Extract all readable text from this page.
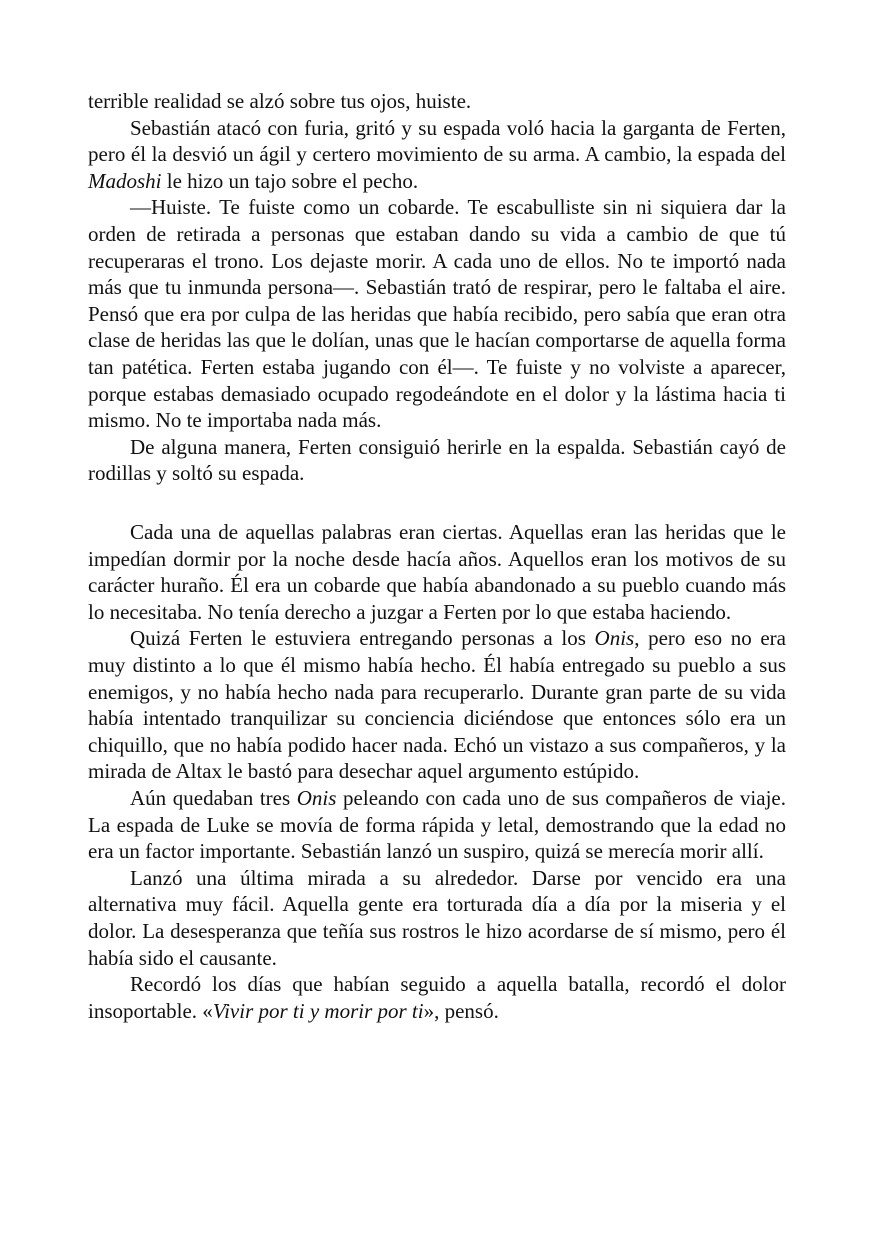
terrible realidad se alzó sobre tus ojos, huiste.

Sebastián atacó con furia, gritó y su espada voló hacia la garganta de Ferten, pero él la desvió un ágil y certero movimiento de su arma. A cambio, la espada del Madoshi le hizo un tajo sobre el pecho.

—Huiste. Te fuiste como un cobarde. Te escabulliste sin ni siquiera dar la orden de retirada a personas que estaban dando su vida a cambio de que tú recuperaras el trono. Los dejaste morir. A cada uno de ellos. No te importó nada más que tu inmunda persona—. Sebastián trató de respirar, pero le faltaba el aire. Pensó que era por culpa de las heridas que había recibido, pero sabía que eran otra clase de heridas las que le dolían, unas que le hacían comportarse de aquella forma tan patética. Ferten estaba jugando con él—. Te fuiste y no volviste a aparecer, porque estabas demasiado ocupado regodeándote en el dolor y la lástima hacia ti mismo. No te importaba nada más.

De alguna manera, Ferten consiguió herirle en la espalda. Sebastián cayó de rodillas y soltó su espada.

Cada una de aquellas palabras eran ciertas. Aquellas eran las heridas que le impedían dormir por la noche desde hacía años. Aquellos eran los motivos de su carácter huraño. Él era un cobarde que había abandonado a su pueblo cuando más lo necesitaba. No tenía derecho a juzgar a Ferten por lo que estaba haciendo.

Quizá Ferten le estuviera entregando personas a los Onis, pero eso no era muy distinto a lo que él mismo había hecho. Él había entregado su pueblo a sus enemigos, y no había hecho nada para recuperarlo. Durante gran parte de su vida había intentado tranquilizar su conciencia diciéndose que entonces sólo era un chiquillo, que no había podido hacer nada. Echó un vistazo a sus compañeros, y la mirada de Altax le bastó para desechar aquel argumento estúpido.

Aún quedaban tres Onis peleando con cada uno de sus compañeros de viaje. La espada de Luke se movía de forma rápida y letal, demostrando que la edad no era un factor importante. Sebastián lanzó un suspiro, quizá se merecía morir allí.

Lanzó una última mirada a su alrededor. Darse por vencido era una alternativa muy fácil. Aquella gente era torturada día a día por la miseria y el dolor. La desesperanza que teñía sus rostros le hizo acordarse de sí mismo, pero él había sido el causante.

Recordó los días que habían seguido a aquella batalla, recordó el dolor insoportable. «Vivir por ti y morir por ti», pensó.
